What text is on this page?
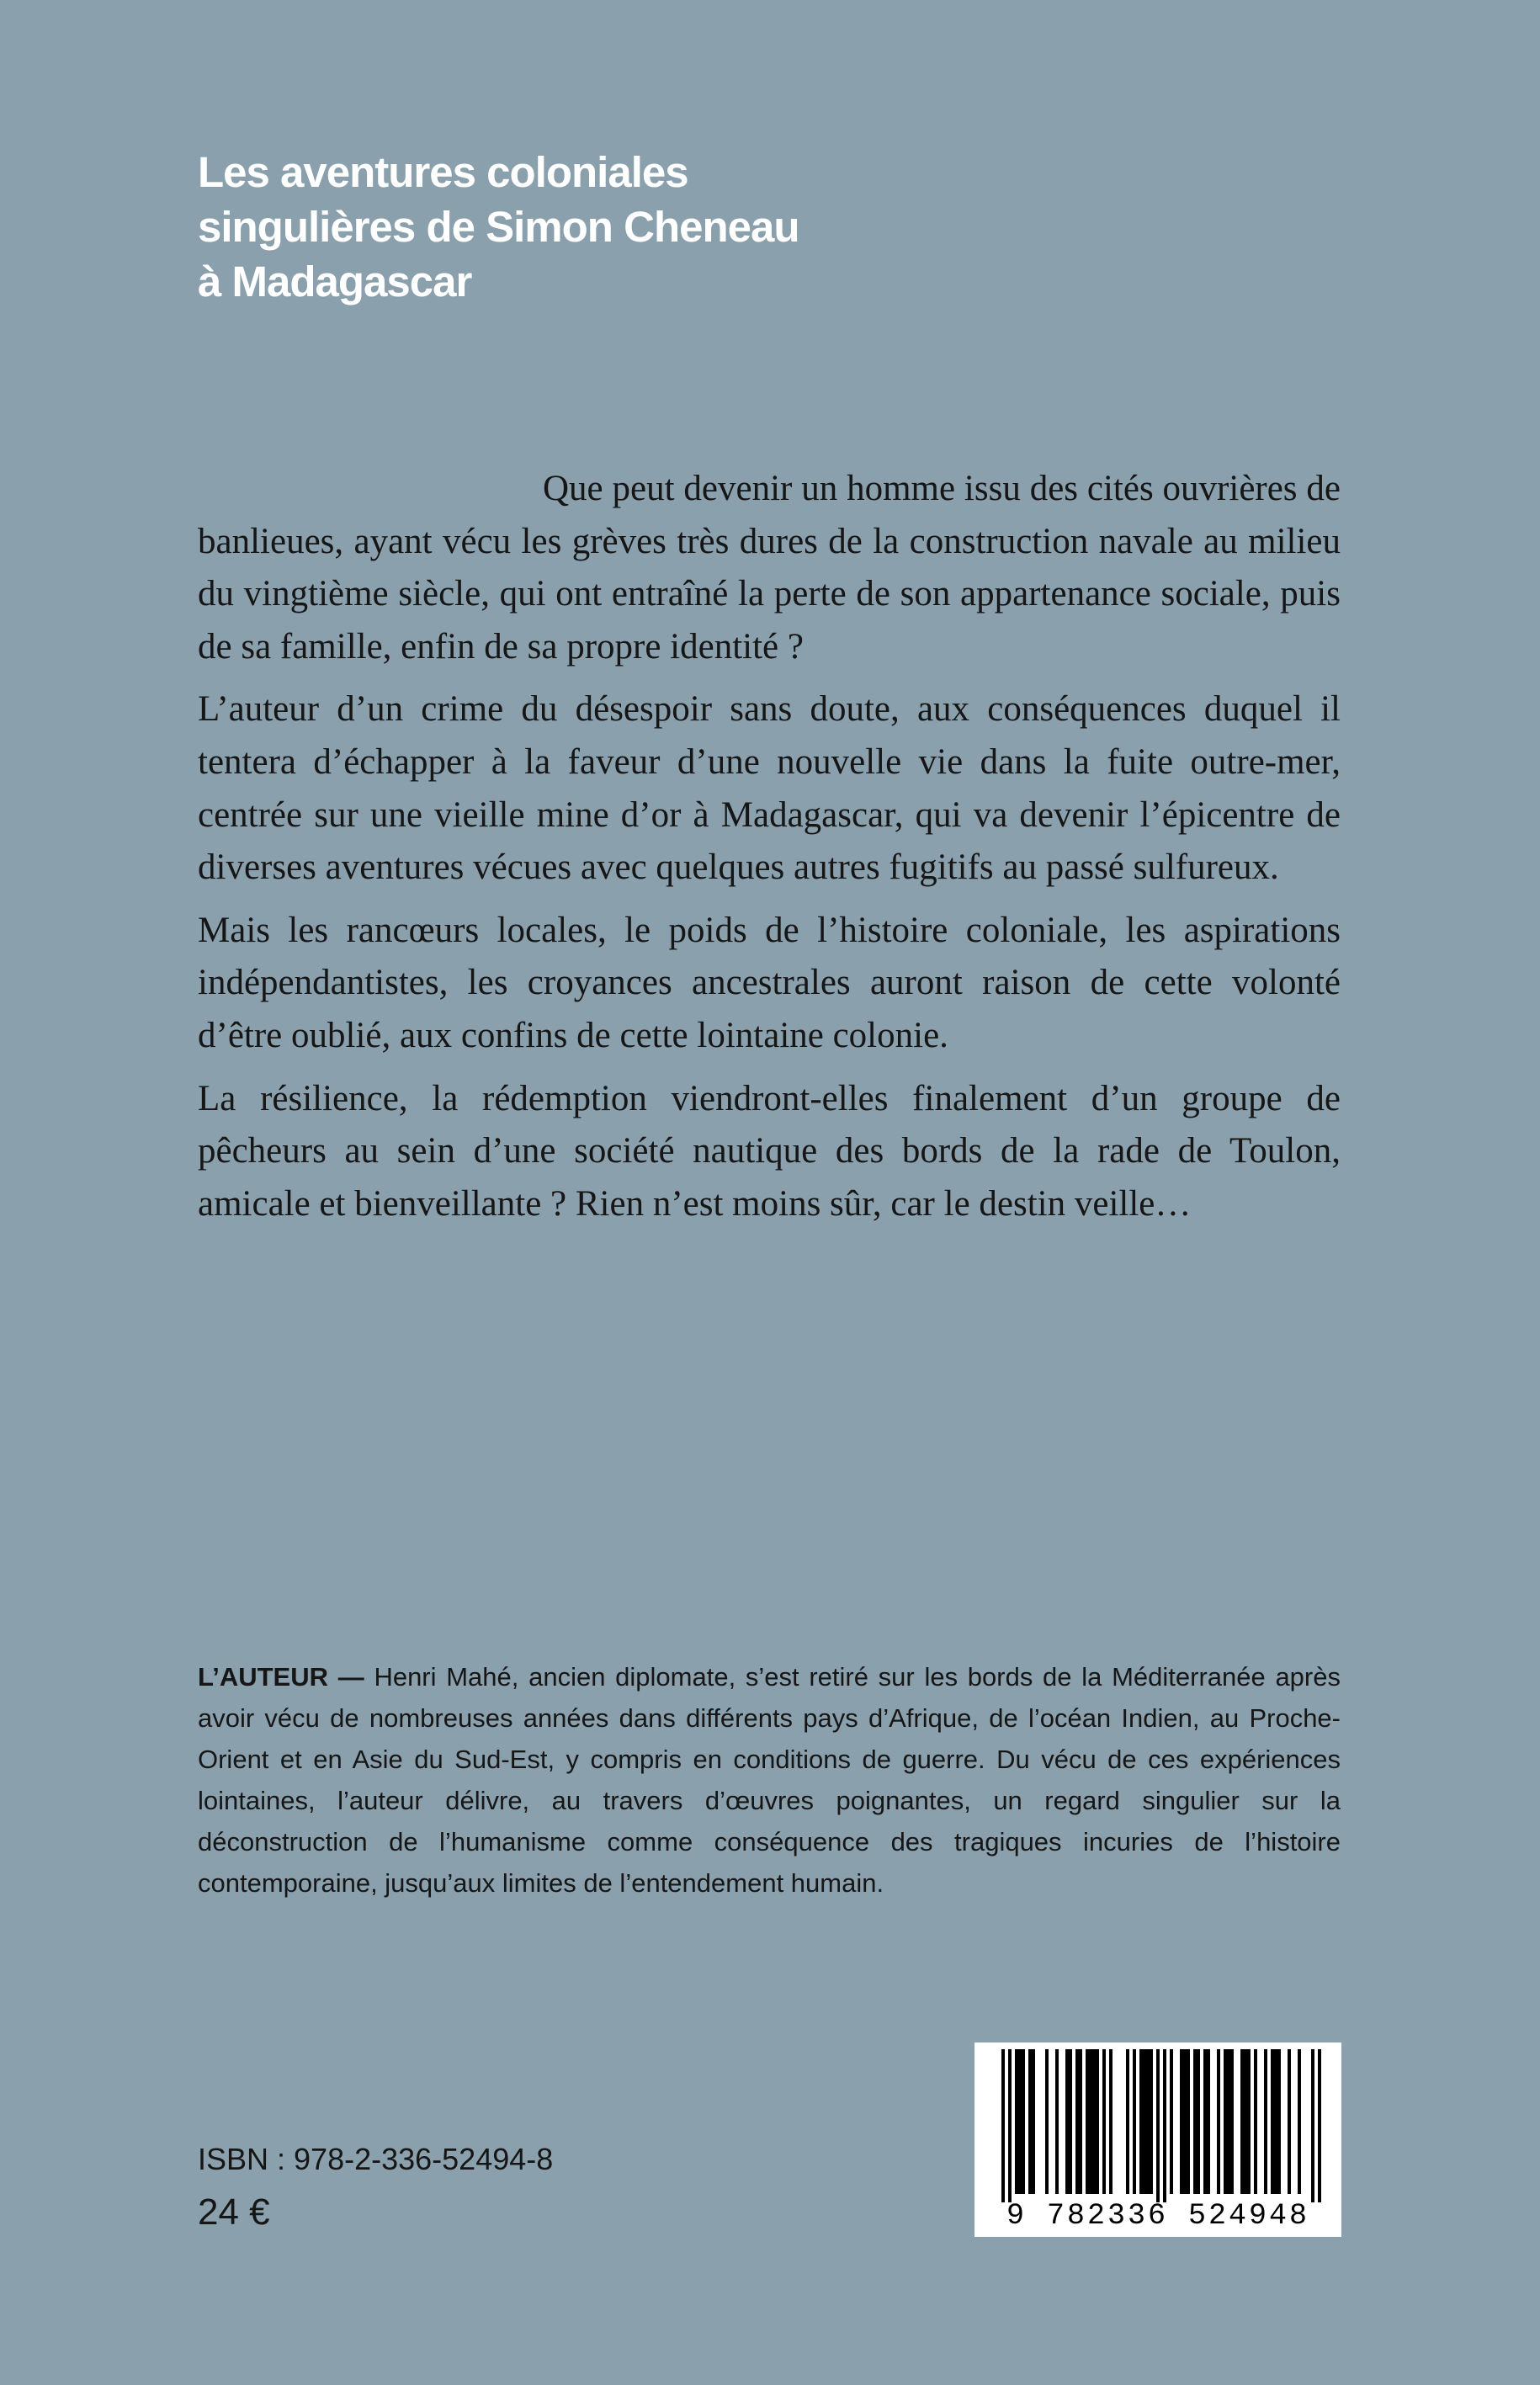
Les aventures coloniales
singulières de Simon Cheneau
à Madagascar

Que peut devenir un homme issu des cités ouvrières de banlieues, ayant vécu les grèves très dures de la construction navale au milieu du vingtième siècle, qui ont entraîné la perte de son appartenance sociale, puis de sa famille, enfin de sa propre identité ?

L’auteur d’un crime du désespoir sans doute, aux conséquences duquel il tentera d’échapper à la faveur d’une nouvelle vie dans la fuite outre-mer, centrée sur une vieille mine d’or à Madagascar, qui va devenir l’épicentre de diverses aventures vécues avec quelques autres fugitifs au passé sulfureux.

Mais les rancœurs locales, le poids de l’histoire coloniale, les aspirations indépendantistes, les croyances ancestrales auront raison de cette volonté d’être oublié, aux confins de cette lointaine colonie.

La résilience, la rédemption viendront-elles finalement d’un groupe de pêcheurs au sein d’une société nautique des bords de la rade de Toulon, amicale et bienveillante ? Rien n’est moins sûr, car le destin veille…

L’AUTEUR — Henri Mahé, ancien diplomate, s’est retiré sur les bords de la Méditerranée après avoir vécu de nombreuses années dans différents pays d’Afrique, de l’océan Indien, au Proche-Orient et en Asie du Sud-Est, y compris en conditions de guerre. Du vécu de ces expériences lointaines, l’auteur délivre, au travers d’œuvres poignantes, un regard singulier sur la déconstruction de l’humanisme comme conséquence des tragiques incuries de l’histoire contemporaine, jusqu’aux limites de l’entendement humain.
ISBN : 978-2-336-52494-8
24 €	9 782336 524948
